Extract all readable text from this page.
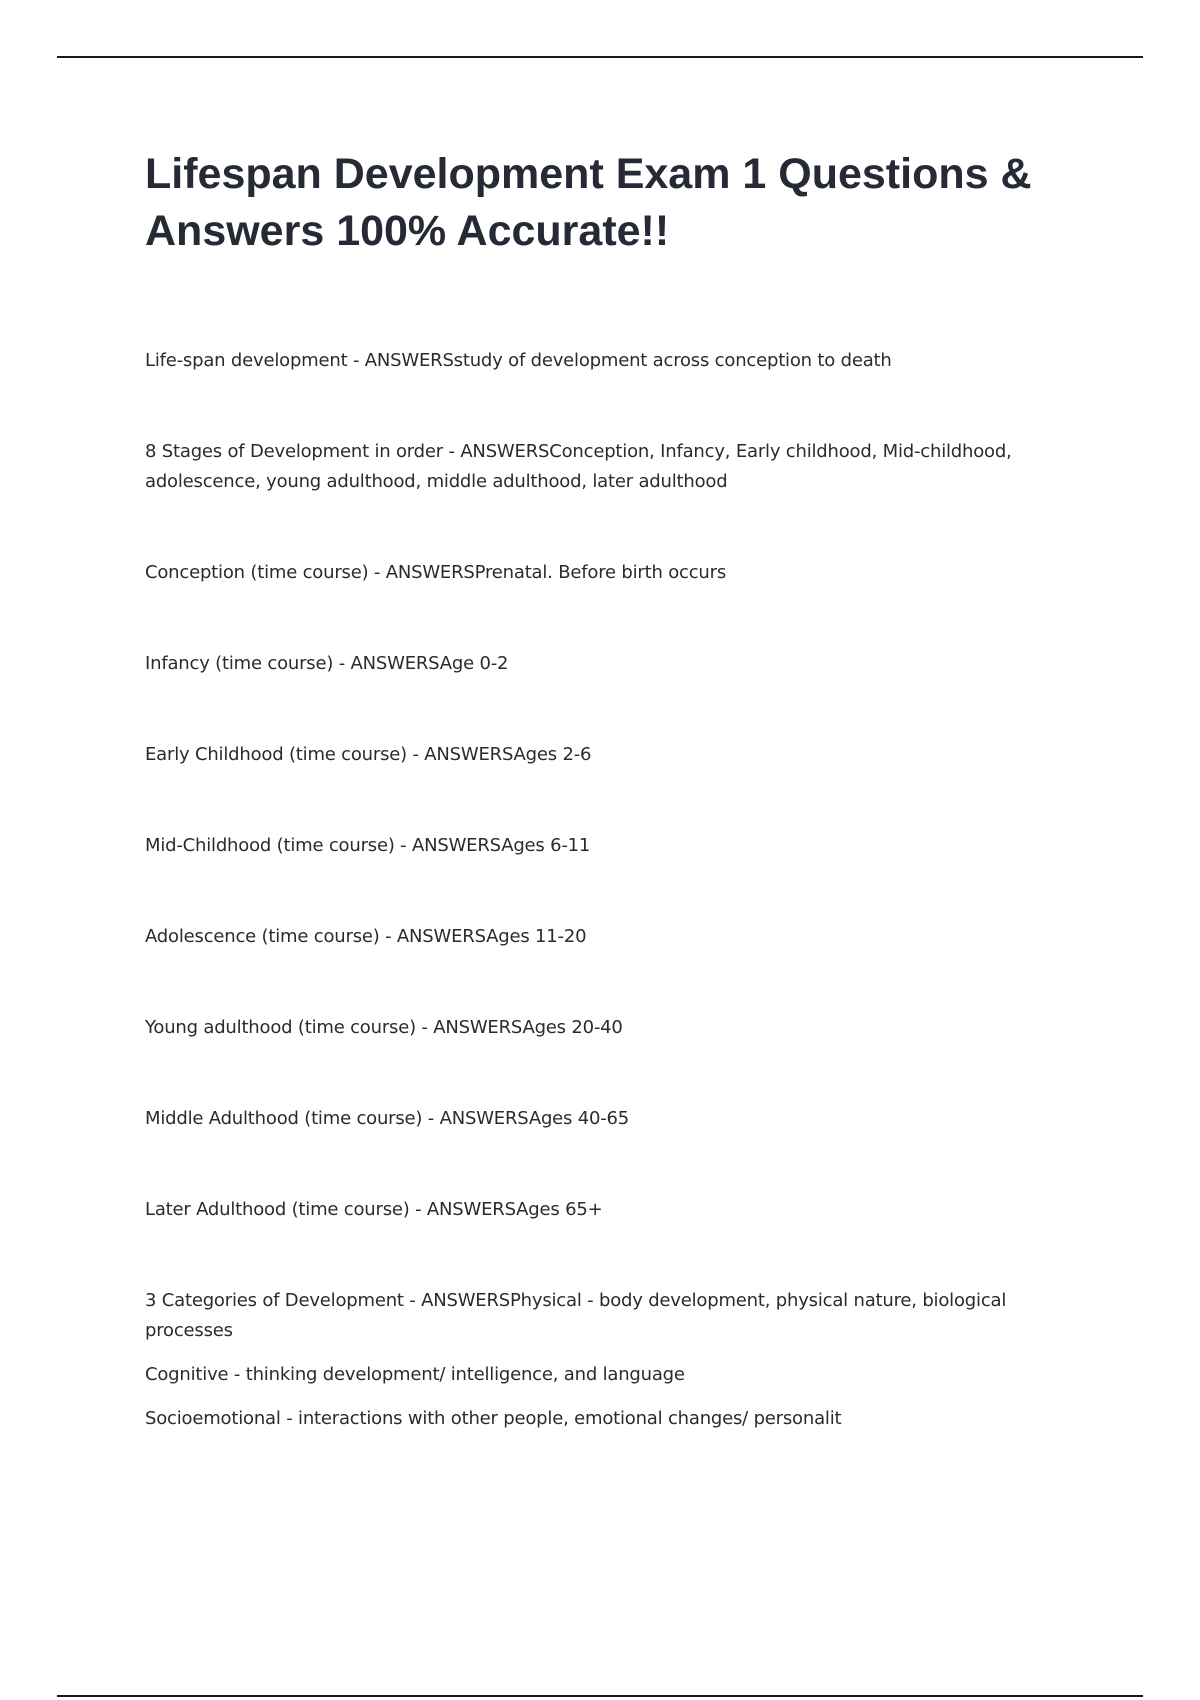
Lifespan Development Exam 1 Questions & Answers 100% Accurate!!

Life-span development - ANSWERSstudy of development across conception to death

8 Stages of Development in order - ANSWERSConception, Infancy, Early childhood, Mid-childhood, adolescence, young adulthood, middle adulthood, later adulthood

Conception (time course) - ANSWERSPrenatal. Before birth occurs

Infancy (time course) - ANSWERSAge 0-2

Early Childhood (time course) - ANSWERSAges 2-6

Mid-Childhood (time course) - ANSWERSAges 6-11

Adolescence (time course) - ANSWERSAges 11-20

Young adulthood (time course) - ANSWERSAges 20-40

Middle Adulthood (time course) - ANSWERSAges 40-65

Later Adulthood (time course) - ANSWERSAges 65+

3 Categories of Development - ANSWERSPhysical - body development, physical nature, biological processes

Cognitive - thinking development/ intelligence, and language

Socioemotional - interactions with other people, emotional changes/ personalit
